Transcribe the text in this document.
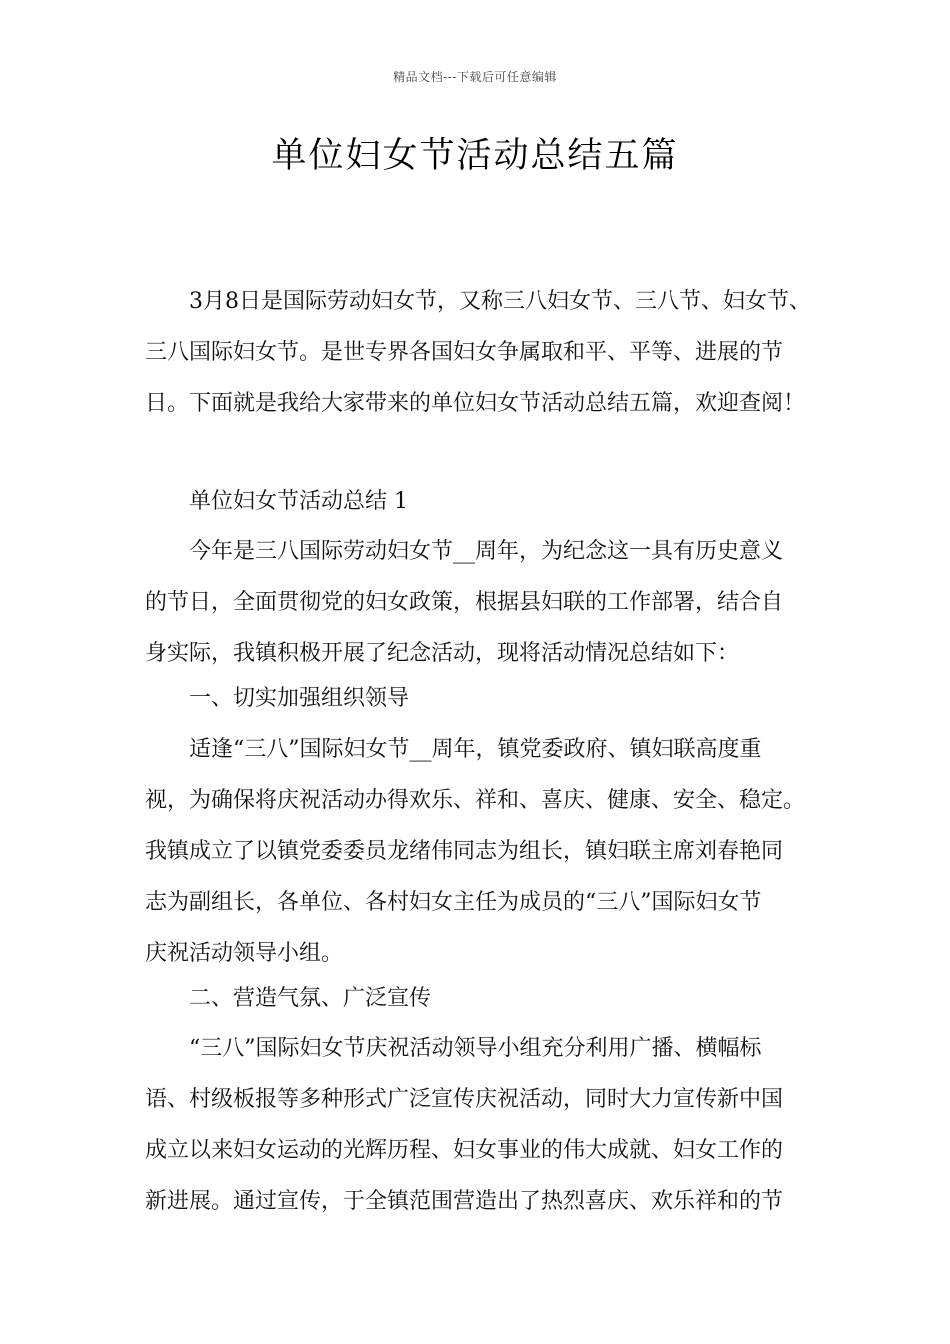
精品文档---下载后可任意编辑
单位妇女节活动总结五篇
3月8日是国际劳动妇女节，又称三八妇女节、三八节、妇女节、
三八国际妇女节。是世专界各国妇女争属取和平、平等、进展的节
日。下面就是我给大家带来的单位妇女节活动总结五篇，欢迎查阅！
单位妇女节活动总结 1
今年是三八国际劳动妇女节__周年，为纪念这一具有历史意义
的节日，全面贯彻党的妇女政策，根据县妇联的工作部署，结合自
身实际，我镇积极开展了纪念活动，现将活动情况总结如下：
一、切实加强组织领导
适逢“三八”国际妇女节__周年，镇党委政府、镇妇联高度重
视，为确保将庆祝活动办得欢乐、祥和、喜庆、健康、安全、稳定。
我镇成立了以镇党委委员龙绪伟同志为组长，镇妇联主席刘春艳同
志为副组长，各单位、各村妇女主任为成员的“三八”国际妇女节
庆祝活动领导小组。
二、营造气氛、广泛宣传
“三八”国际妇女节庆祝活动领导小组充分利用广播、横幅标
语、村级板报等多种形式广泛宣传庆祝活动，同时大力宣传新中国
成立以来妇女运动的光辉历程、妇女事业的伟大成就、妇女工作的
新进展。通过宣传，于全镇范围营造出了热烈喜庆、欢乐祥和的节
